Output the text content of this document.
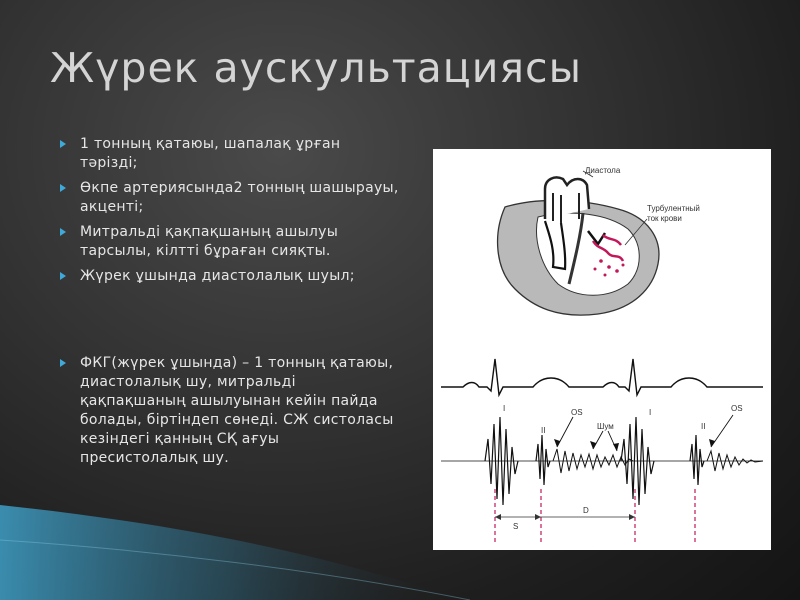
Жүрек аускультациясы
1 тонның қатаюы, шапалақ ұрған тәрізді;
Өкпе артериясында2 тонның шашырауы, акценті;
Митральді қақпақшаның ашылуы тарсылы, кілтті бұраған сияқты.
Жүрек ұшында диастолалық шуыл;
ФКГ(жүрек ұшында) – 1 тонның қатаюы, диастолалық шу, митральді қақпақшаның ашылуынан кейін пайда болады, біртіндеп сөнеді. СЖ систоласы кезіндегі қанның СҚ ағуы пресистолалық шу.
Диастола
Турбулентный
ток крови
I
II
OS
Шум
I
II
OS
S
D
